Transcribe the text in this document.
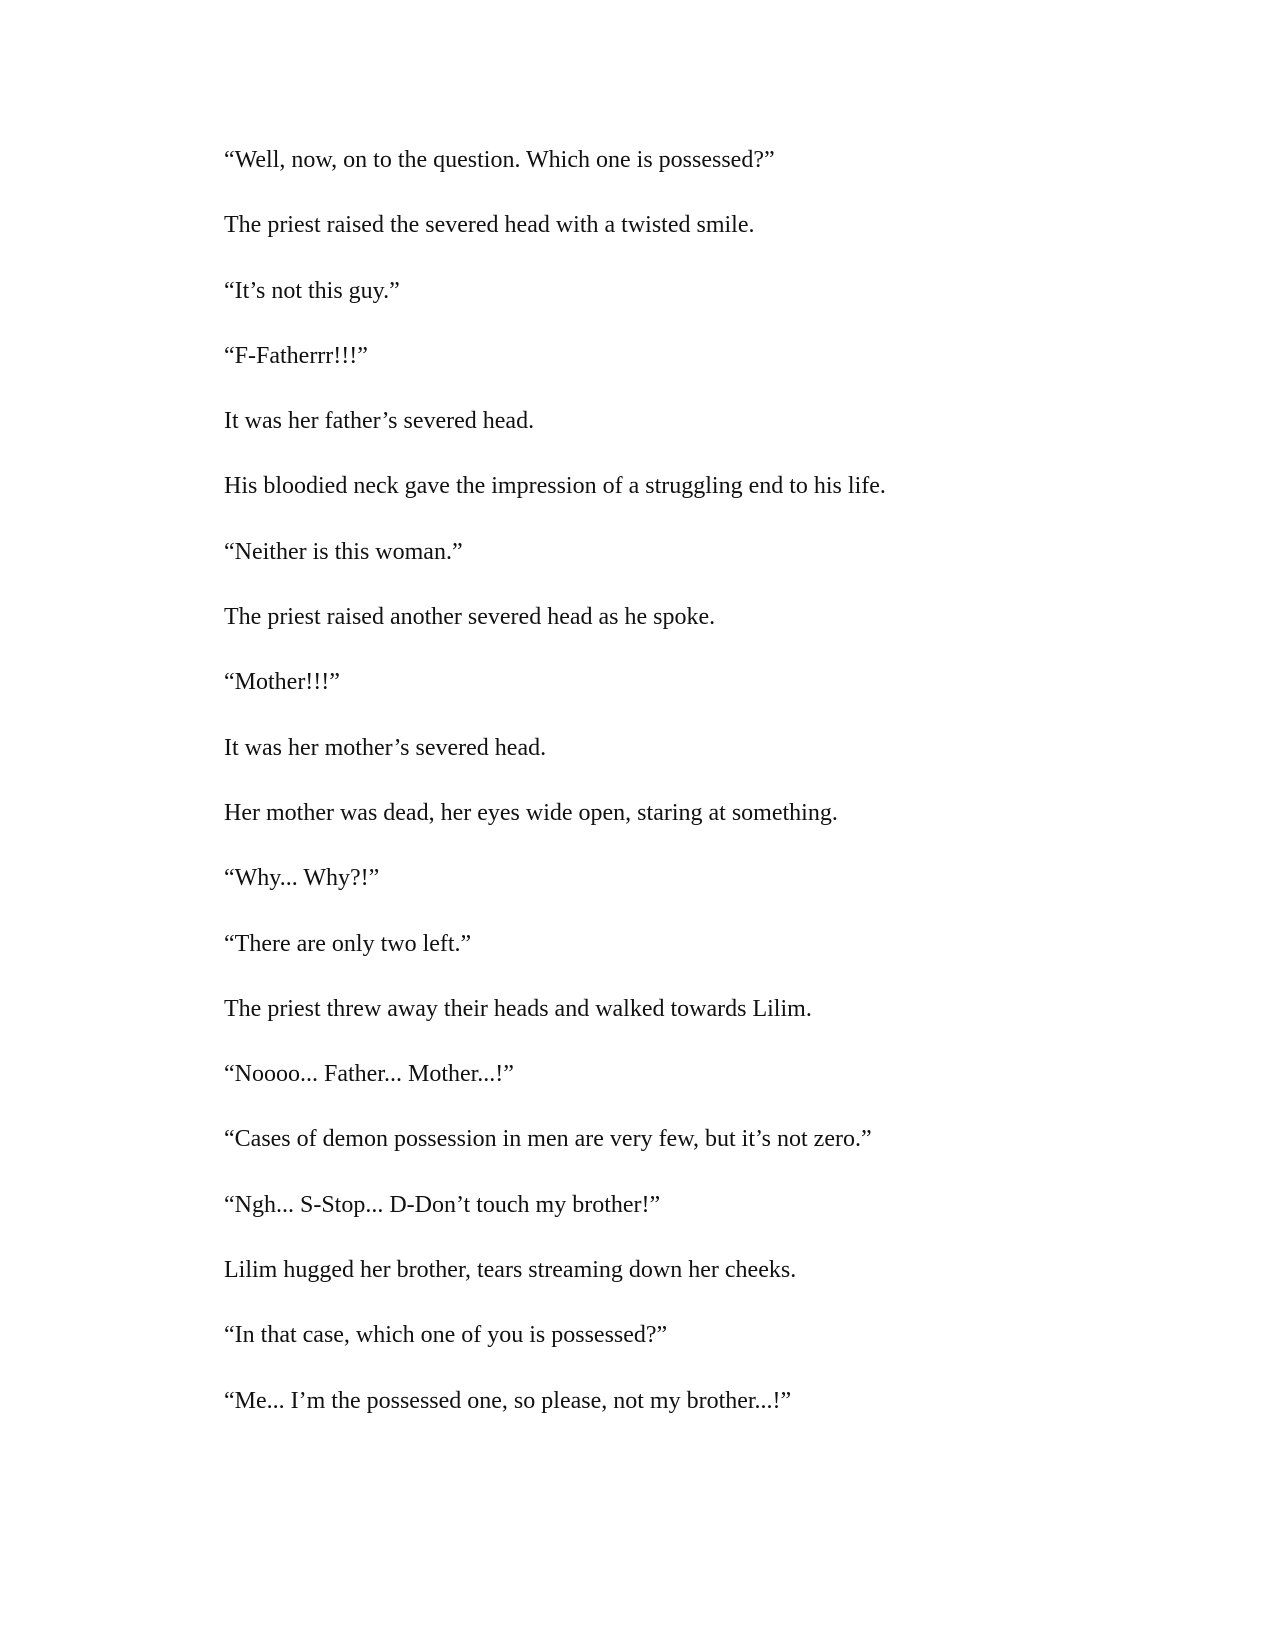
“Well, now, on to the question. Which one is possessed?”

The priest raised the severed head with a twisted smile.

“It’s not this guy.”

“F-Fatherrr!!!”

It was her father’s severed head.

His bloodied neck gave the impression of a struggling end to his life.

“Neither is this woman.”

The priest raised another severed head as he spoke.

“Mother!!!”

It was her mother’s severed head.

Her mother was dead, her eyes wide open, staring at something.

“Why... Why?!”

“There are only two left.”

The priest threw away their heads and walked towards Lilim.

“Noooo... Father... Mother...!”

“Cases of demon possession in men are very few, but it’s not zero.”

“Ngh... S-Stop... D-Don’t touch my brother!”

Lilim hugged her brother, tears streaming down her cheeks.

“In that case, which one of you is possessed?”

“Me... I’m the possessed one, so please, not my brother...!”
